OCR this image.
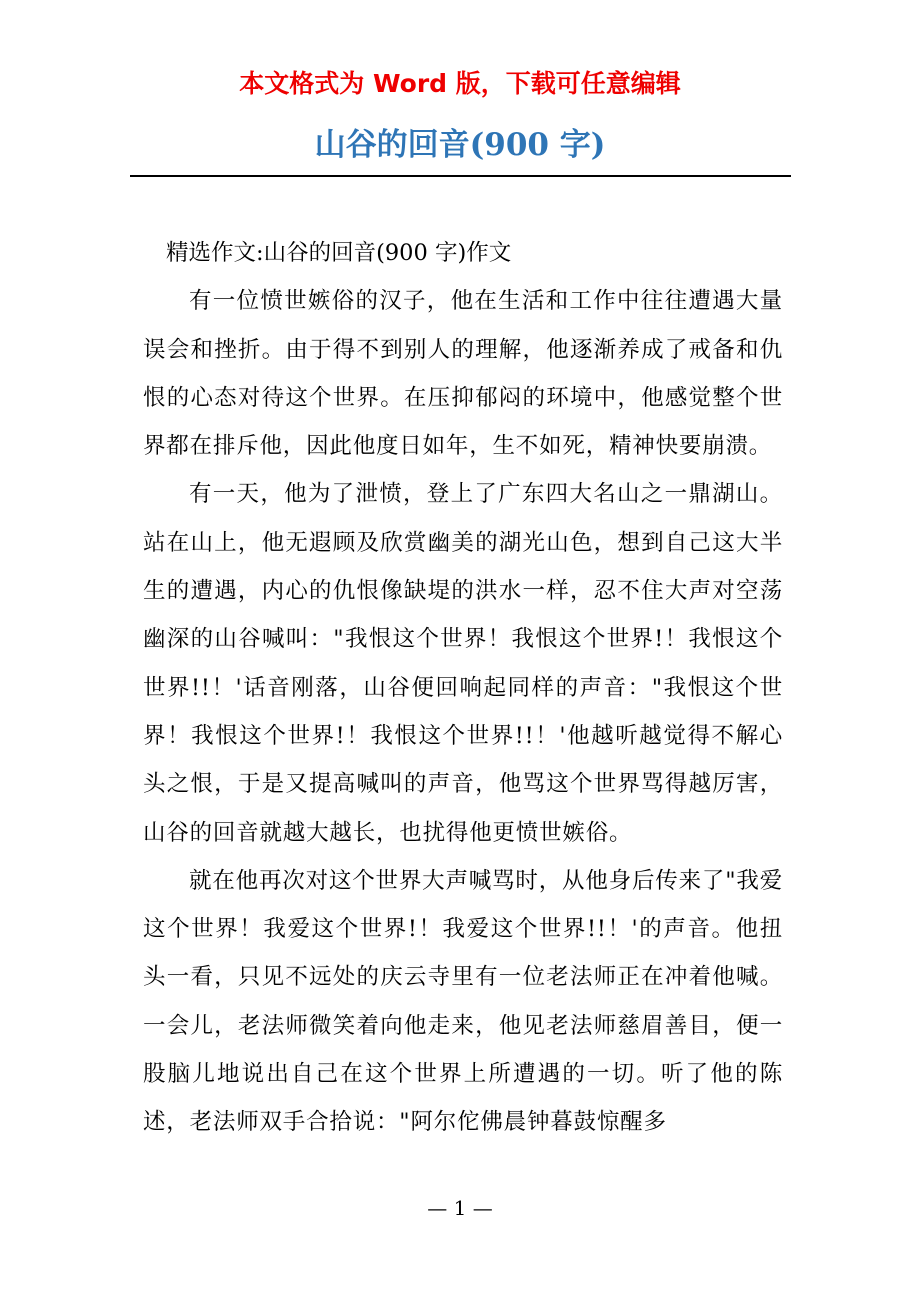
本文格式为 Word 版，下载可任意编辑
山谷的回音(900 字)

精选作文:山谷的回音(900 字)作文

有一位愤世嫉俗的汉子，他在生活和工作中往往遭遇大量误会和挫折。由于得不到别人的理解，他逐渐养成了戒备和仇恨的心态对待这个世界。在压抑郁闷的环境中，他感觉整个世界都在排斥他，因此他度日如年，生不如死，精神快要崩溃。

有一天，他为了泄愤，登上了广东四大名山之一鼎湖山。站在山上，他无遐顾及欣赏幽美的湖光山色，想到自己这大半生的遭遇，内心的仇恨像缺堤的洪水一样，忍不住大声对空荡幽深的山谷喊叫："我恨这个世界！我恨这个世界!！我恨这个世界!!！'话音刚落，山谷便回响起同样的声音："我恨这个世界！我恨这个世界!！我恨这个世界!!！'他越听越觉得不解心头之恨，于是又提高喊叫的声音，他骂这个世界骂得越厉害，山谷的回音就越大越长，也扰得他更愤世嫉俗。

就在他再次对这个世界大声喊骂时，从他身后传来了"我爱这个世界！我爱这个世界!！我爱这个世界!!！'的声音。他扭头一看，只见不远处的庆云寺里有一位老法师正在冲着他喊。一会儿，老法师微笑着向他走来，他见老法师慈眉善目，便一股脑儿地说出自己在这个世界上所遭遇的一切。听了他的陈述，老法师双手合拾说："阿尔佗佛晨钟暮鼓惊醒多

— 1 —
